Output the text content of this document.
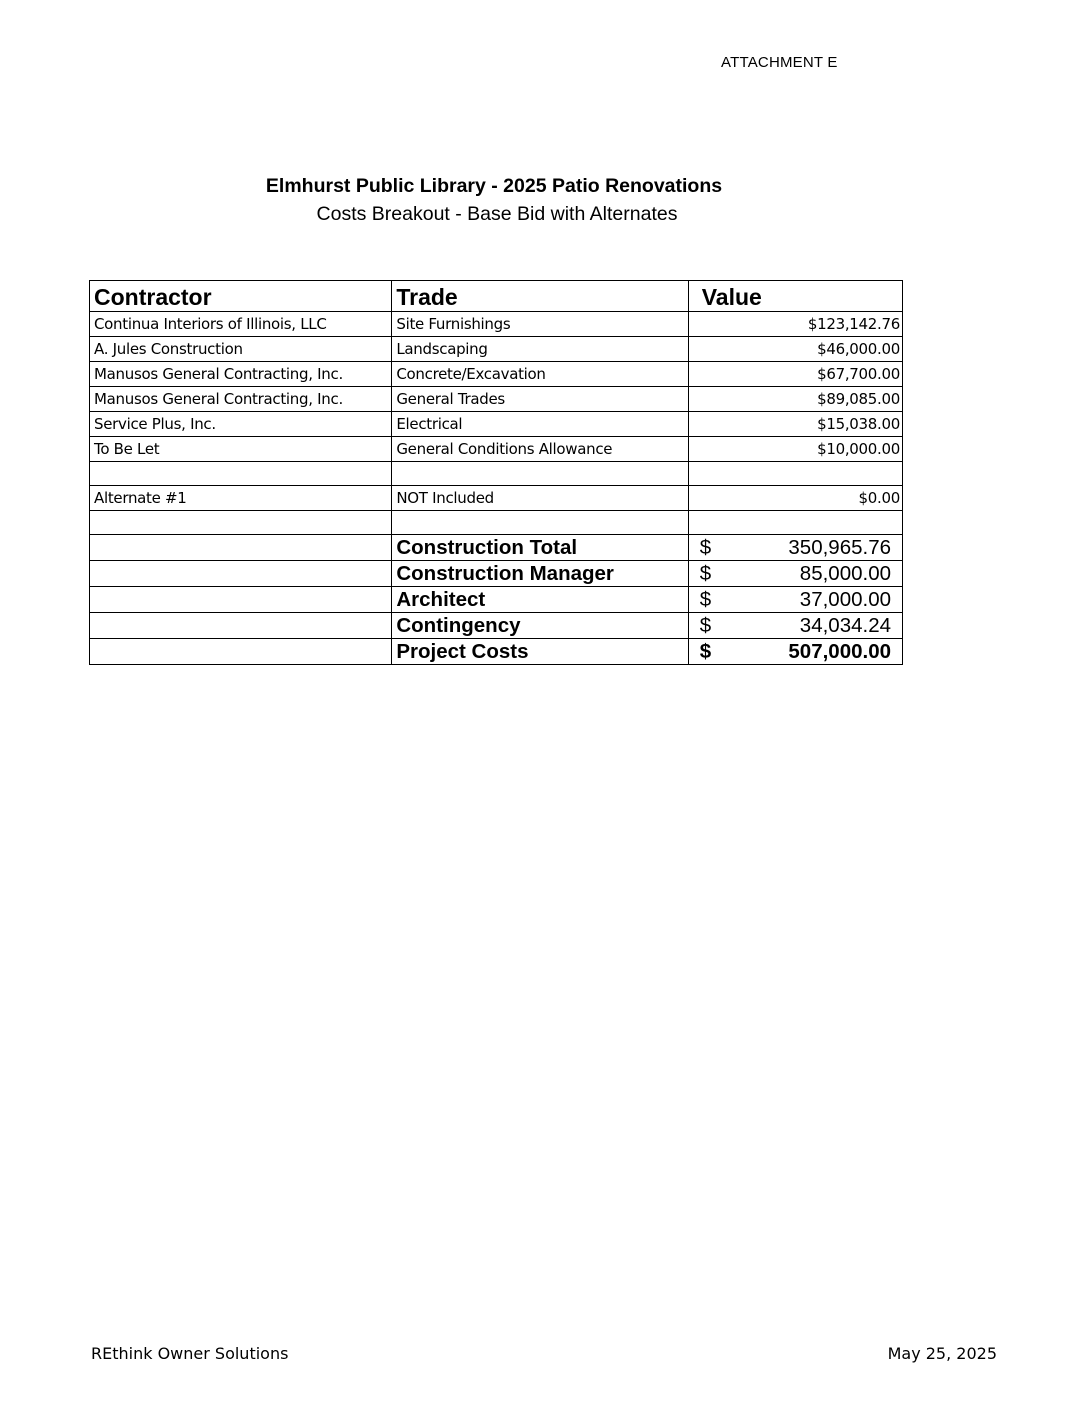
ATTACHMENT E
Elmhurst Public Library - 2025 Patio Renovations
Costs Breakout - Base Bid with Alternates
Contractor	Trade	Value
Continua Interiors of Illinois, LLC	Site Furnishings	$123,142.76
A. Jules Construction	Landscaping	$46,000.00
Manusos General Contracting, Inc.	Concrete/Excavation	$67,700.00
Manusos General Contracting, Inc.	General Trades	$89,085.00
Service Plus, Inc.	Electrical	$15,038.00
To Be Let	General Conditions Allowance	$10,000.00

Alternate #1	NOT Included	$0.00

	Construction Total	$ 350,965.76

	Construction Manager	$ 85,000.00

	Architect	$ 37,000.00

	Contingency	$ 34,034.24

	Project Costs	$ 507,000.00
REthink Owner Solutions	May 25, 2025
